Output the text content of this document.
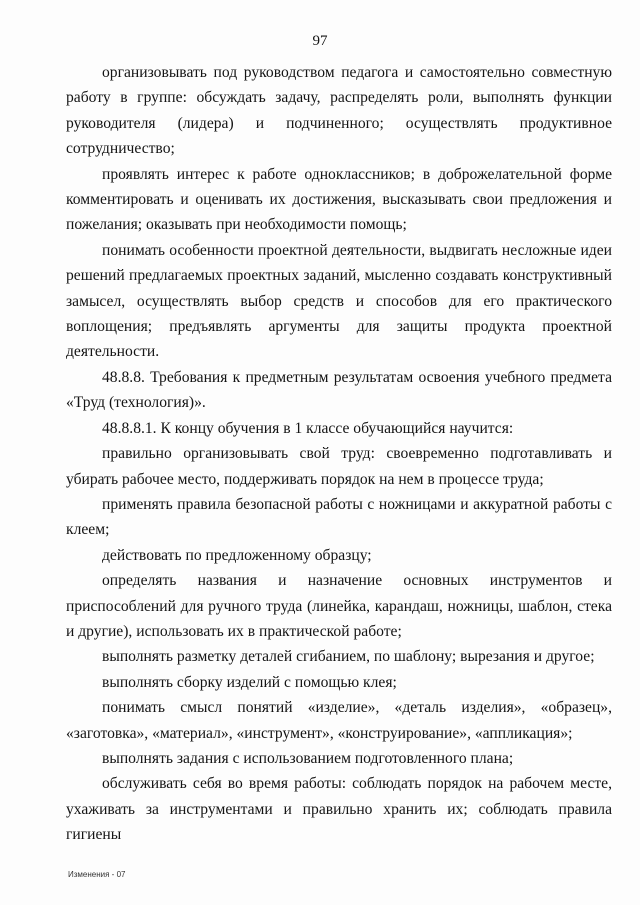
97

организовывать под руководством педагога и самостоятельно совместную работу в группе: обсуждать задачу, распределять роли, выполнять функции руководителя (лидера) и подчиненного; осуществлять продуктивное сотрудничество;

проявлять интерес к работе одноклассников; в доброжелательной форме комментировать и оценивать их достижения, высказывать свои предложения и пожелания; оказывать при необходимости помощь;

понимать особенности проектной деятельности, выдвигать несложные идеи решений предлагаемых проектных заданий, мысленно создавать конструктивный замысел, осуществлять выбор средств и способов для его практического воплощения; предъявлять аргументы для защиты продукта проектной деятельности.

48.8.8. Требования к предметным результатам освоения учебного предмета «Труд (технология)».

48.8.8.1. К концу обучения в 1 классе обучающийся научится:

правильно организовывать свой труд: своевременно подготавливать и убирать рабочее место, поддерживать порядок на нем в процессе труда;

применять правила безопасной работы с ножницами и аккуратной работы с клеем;

действовать по предложенному образцу;

определять названия и назначение основных инструментов и приспособлений для ручного труда (линейка, карандаш, ножницы, шаблон, стека и другие), использовать их в практической работе;

выполнять разметку деталей сгибанием, по шаблону; вырезания и другое;

выполнять сборку изделий с помощью клея;

понимать смысл понятий «изделие», «деталь изделия», «образец», «заготовка», «материал», «инструмент», «конструирование», «аппликация»;

выполнять задания с использованием подготовленного плана;

обслуживать себя во время работы: соблюдать порядок на рабочем месте, ухаживать за инструментами и правильно хранить их; соблюдать правила гигиены

Изменения - 07
